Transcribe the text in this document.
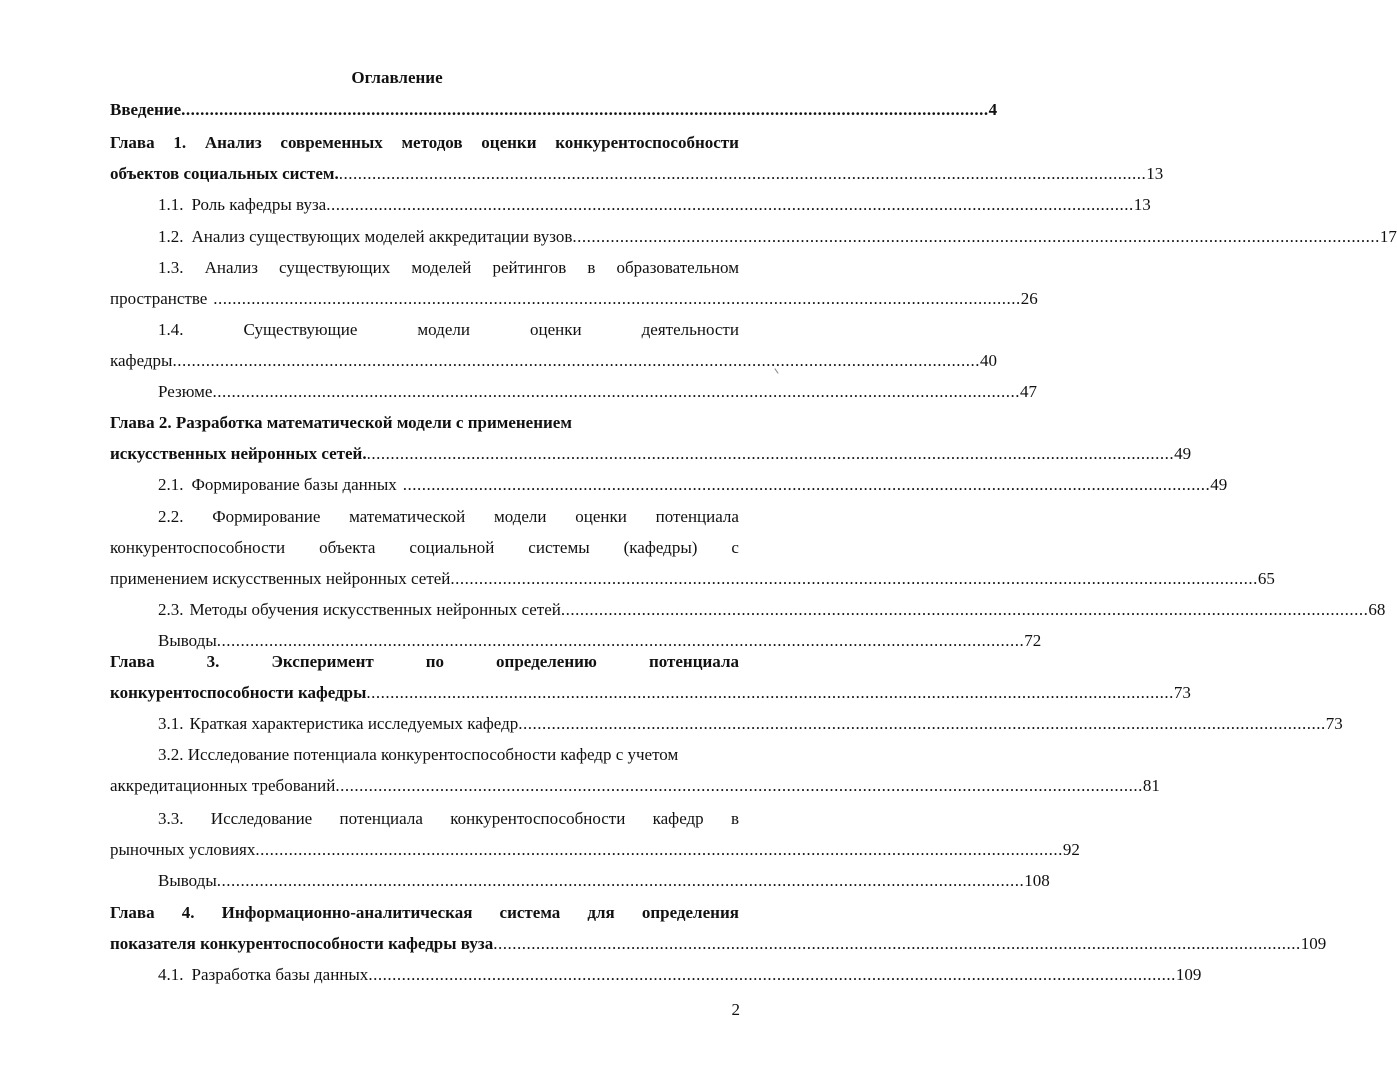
Оглавление
Введение .......................................................................................................................................................................... 4
Глава 1. Анализ современных методов оценки конкурентоспособности
объектов социальных систем. .......................................................................................................................................................................... 13
1.1. Роль кафедры вуза .......................................................................................................................................................................... 13
1.2. Анализ существующих моделей аккредитации вузов .......................................................................................................................................................................... 17
1.3. Анализ существующих моделей рейтингов в образовательном
пространстве .......................................................................................................................................................................... 26
1.4.	Существующие	модели	оценки	деятельности
кафедры .......................................................................................................................................................................... 40
Резюме .......................................................................................................................................................................... 47
Глава 2. Разработка математической модели с применением
искусственных нейронных сетей. .......................................................................................................................................................................... 49
2.1. Формирование базы данных .......................................................................................................................................................................... 49
2.2. Формирование математической модели оценки потенциала
конкурентоспособности объекта социальной системы (кафедры) с
применением искусственных нейронных сетей .......................................................................................................................................................................... 65
2.3. Методы обучения искусственных нейронных сетей .......................................................................................................................................................................... 68
Выводы .......................................................................................................................................................................... 72
Глава	3.	Эксперимент	по	определению	потенциала
конкурентоспособности кафедры .......................................................................................................................................................................... 73
3.1. Краткая характеристика исследуемых кафедр .......................................................................................................................................................................... 73
3.2. Исследование потенциала конкурентоспособности кафедр с учетом
аккредитационных требований .......................................................................................................................................................................... 81
3.3. Исследование потенциала конкурентоспособности кафедр в
рыночных условиях .......................................................................................................................................................................... 92
Выводы .......................................................................................................................................................................... 108
Глава 4. Информационно-аналитическая система для определения
показателя конкурентоспособности кафедры вуза .......................................................................................................................................................................... 109
4.1. Разработка базы данных .......................................................................................................................................................................... 109
2
